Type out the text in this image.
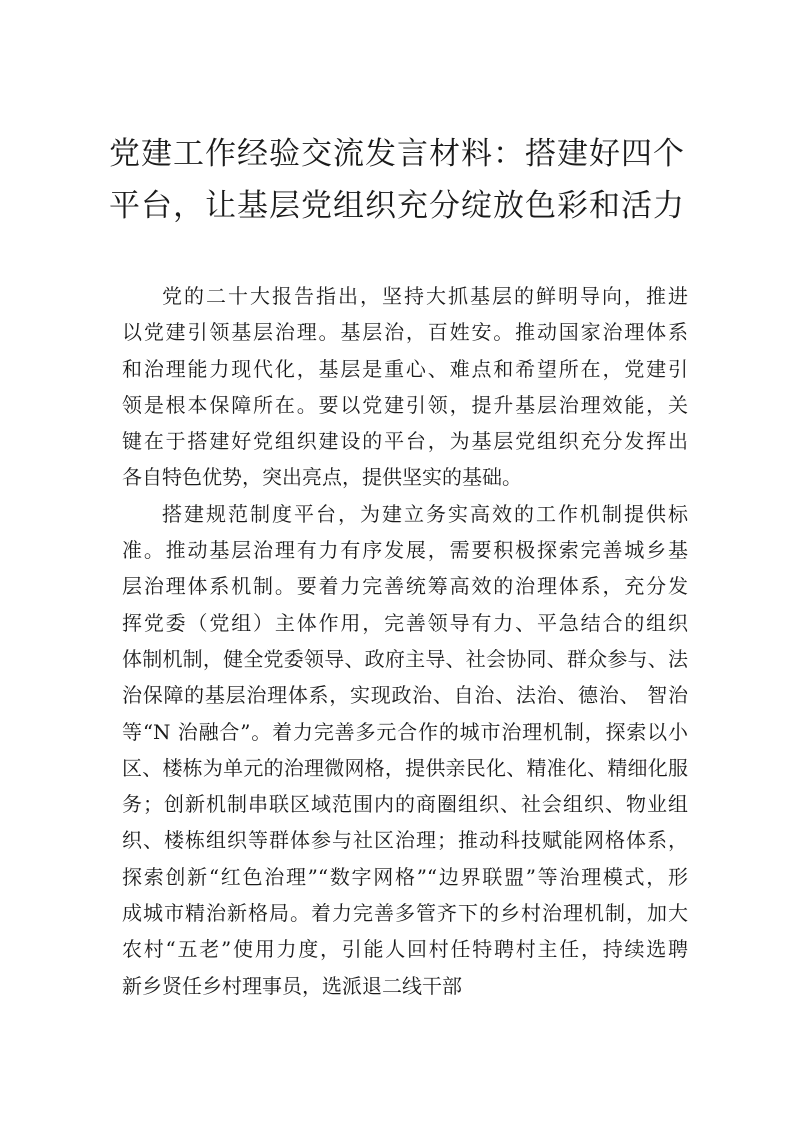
党建工作经验交流发言材料：搭建好四个
平台，让基层党组织充分绽放色彩和活力
党的二十大报告指出，坚持大抓基层的鲜明导向，推进
以党建引领基层治理。基层治，百姓安。推动国家治理体系
和治理能力现代化，基层是重心、难点和希望所在，党建引
领是根本保障所在。要以党建引领，提升基层治理效能，关
键在于搭建好党组织建设的平台，为基层党组织充分发挥出
各自特色优势，突出亮点，提供坚实的基础。
搭建规范制度平台，为建立务实高效的工作机制提供标
准。推动基层治理有力有序发展，需要积极探索完善城乡基
层治理体系机制。要着力完善统筹高效的治理体系，充分发
挥党委（党组）主体作用，完善领导有力、平急结合的组织
体制机制，健全党委领导、政府主导、社会协同、群众参与、法
治保障的基层治理体系，实现政治、自治、法治、德治、 智治
等“N 治融合”。着力完善多元合作的城市治理机制，探索以小
区、楼栋为单元的治理微网格，提供亲民化、精准化、精细化服
务；创新机制串联区域范围内的商圈组织、社会组织、物业组
织、楼栋组织等群体参与社区治理；推动科技赋能网格体系，
探索创新“红色治理”“数字网格”“边界联盟”等治理模式，形
成城市精治新格局。着力完善多管齐下的乡村治理机制，加大
农村“五老”使用力度，引能人回村任特聘村主任，持续选聘
新乡贤任乡村理事员，选派退二线干部
